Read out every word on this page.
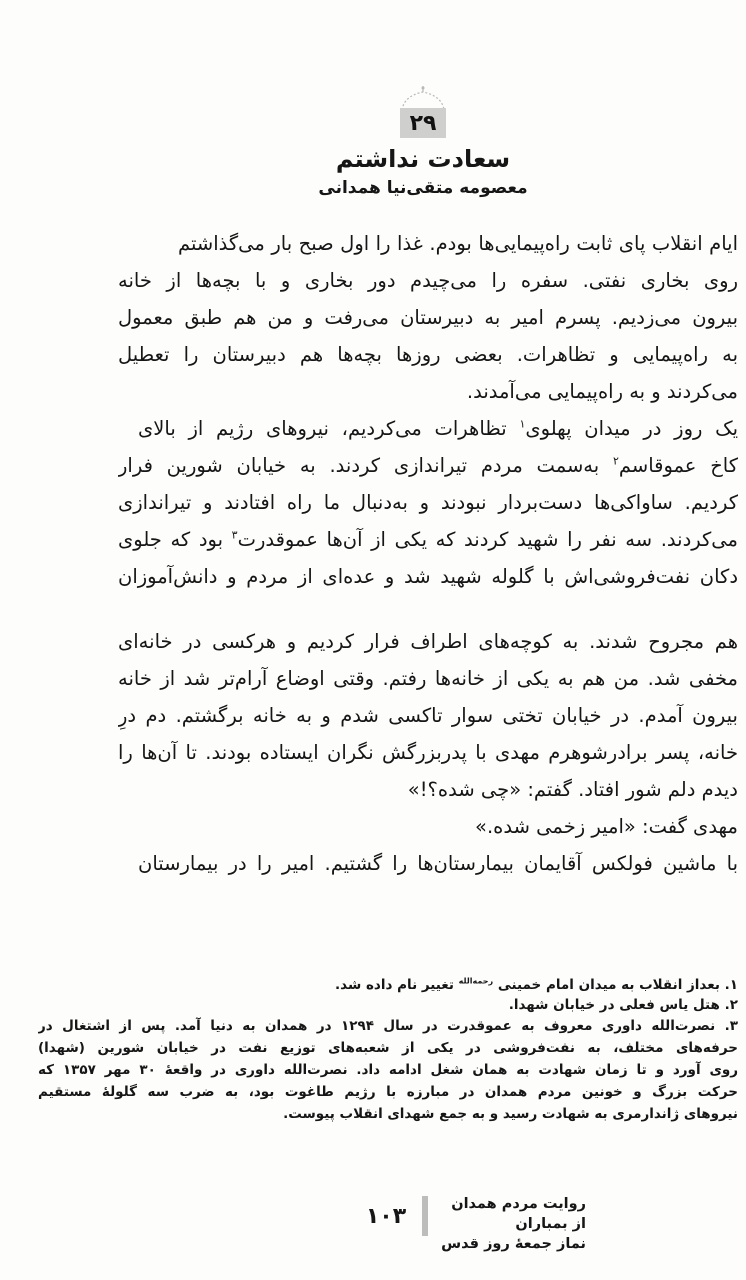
۲۹
سعادت نداشتم
معصومه متقی‌نیا همدانی
ایام انقلاب پای ثابت راه‌پیمایی‌ها بودم. غذا را اول صبح بار می‌گذاشتم
روی بخاری نفتی. سفره را می‌چیدم دور بخاری و با بچه‌ها از خانه
بیرون می‌زدیم. پسرم امیر به دبیرستان می‌رفت و من هم طبق معمول
به راه‌پیمایی و تظاهرات. بعضی روزها بچه‌ها هم دبیرستان را تعطیل
می‌کردند و به راه‌پیمایی می‌آمدند.
یک روز در میدان پهلوی$^۱$ تظاهرات می‌کردیم، نیروهای رژیم از بالای
کاخ عموقاسم$^۲$ به‌سمت مردم تیراندازی کردند. به خیابان شورین فرار
کردیم. ساواکی‌ها دست‌بردار نبودند و به‌دنبال ما راه افتادند و تیراندازی
می‌کردند. سه نفر را شهید کردند که یکی از آن‌ها عموقدرت$^۳$ بود که جلوی
دکان نفت‌فروشی‌اش با گلوله شهید شد و عده‌ای از مردم و دانش‌آموزان
هم مجروح شدند. به کوچه‌های اطراف فرار کردیم و هرکسی در خانه‌ای
مخفی شد. من هم به یکی از خانه‌ها رفتم. وقتی اوضاع آرام‌تر شد از خانه
بیرون آمدم. در خیابان تختی سوار تاکسی شدم و به خانه برگشتم. دم درِ
خانه، پسر برادرشوهرم مهدی با پدربزرگش نگران ایستاده بودند. تا آن‌ها را
دیدم دلم شور افتاد. گفتم: «چی شده؟!»
مهدی گفت: «امیر زخمی شده.»
با ماشین فولکس آقایمان بیمارستان‌ها را گشتیم. امیر را در بیمارستان
۱. بعداز انقلاب به میدان امام خمینی $^{رحمه‌الله}$ تغییر نام داده شد.
۲. هتل یاس فعلی در خیابان شهدا.
۳. نصرت‌الله داوری معروف به عموقدرت در سال ۱۲۹۴ در همدان به دنیا آمد. پس از اشتغال در
حرفه‌های مختلف، به نفت‌فروشی در یکی از شعبه‌های توزیع نفت در خیابان شورین (شهدا)
روی آورد و تا زمان شهادت به همان شغل ادامه داد. نصرت‌الله داوری در واقعهٔ ۳۰ مهر ۱۳۵۷ که
حرکت بزرگ و خونین مردم همدان در مبارزه با رژیم طاغوت بود، به ضرب سه گلولهٔ مستقیم
نیروهای ژاندارمری به شهادت رسید و به جمع شهدای انقلاب پیوست.
روایت مردم همدان از بمباران
نماز جمعهٔ روز قدس
۱۰۳
